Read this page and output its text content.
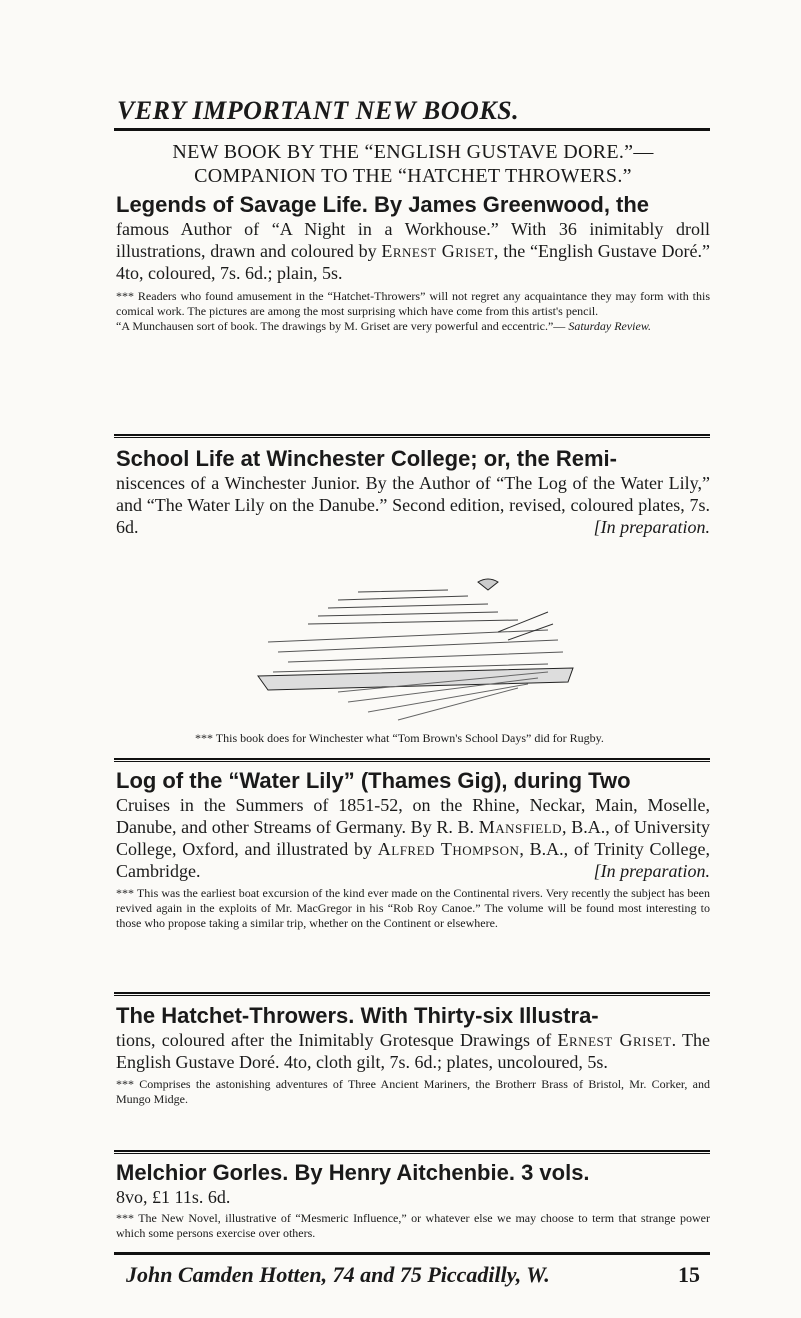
VERY IMPORTANT NEW BOOKS.
NEW BOOK BY THE “ENGLISH GUSTAVE DORE.”—
COMPANION TO THE “HATCHET THROWERS.”
Legends of Savage Life. By James Greenwood, the
famous Author of “A Night in a Workhouse.” With 36 inimitably droll illustrations, drawn and coloured by Ernest Griset, the “English Gustave Doré.” 4to, coloured, 7s. 6d.; plain, 5s.
*** Readers who found amusement in the “Hatchet-Throwers” will not regret any acquaintance they may form with this comical work. The pictures are among the most surprising which have come from this artist's pencil.
“A Munchausen sort of book. The drawings by M. Griset are very powerful and eccentric.”— Saturday Review.
School Life at Winchester College; or, the Remi-
niscences of a Winchester Junior. By the Author of “The Log of the Water Lily,” and “The Water Lily on the Danube.” Second edition, revised, coloured plates, 7s. 6d.	[In preparation.
*** This book does for Winchester what “Tom Brown's School Days” did for Rugby.
Log of the “Water Lily” (Thames Gig), during Two
Cruises in the Summers of 1851-52, on the Rhine, Neckar, Main, Moselle, Danube, and other Streams of Germany. By R. B. Mansfield, B.A., of University College, Oxford, and illustrated by Alfred Thompson, B.A., of Trinity College, Cambridge.	[In preparation.
*** This was the earliest boat excursion of the kind ever made on the Continental rivers. Very recently the subject has been revived again in the exploits of Mr. MacGregor in his “Rob Roy Canoe.” The volume will be found most interesting to those who propose taking a similar trip, whether on the Continent or elsewhere.
The Hatchet-Throwers. With Thirty-six Illustra-
tions, coloured after the Inimitably Grotesque Drawings of Ernest Griset. The English Gustave Doré. 4to, cloth gilt, 7s. 6d.; plates, uncoloured, 5s.
*** Comprises the astonishing adventures of Three Ancient Mariners, the Brotherr Brass of Bristol, Mr. Corker, and Mungo Midge.
Melchior Gorles. By Henry Aitchenbie. 3 vols.
8vo, £1 11s. 6d.
*** The New Novel, illustrative of “Mesmeric Influence,” or whatever else we may choose to term that strange power which some persons exercise over others.
John Camden Hotten, 74 and 75 Piccadilly, W.	15
